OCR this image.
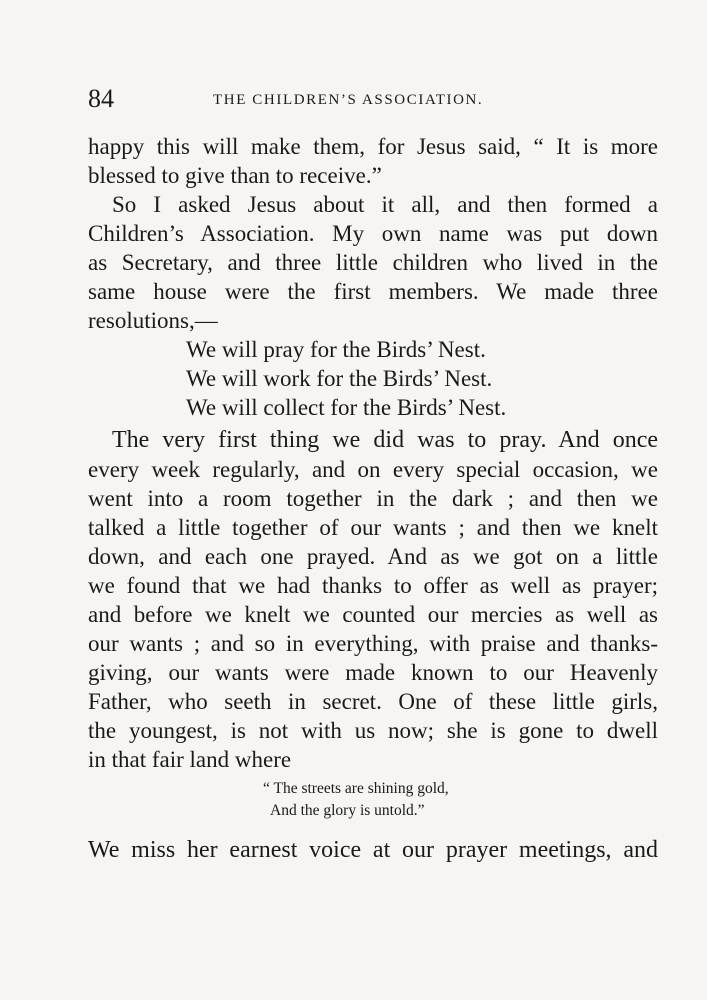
84	THE CHILDREN’S ASSOCIATION.
happy this will make them, for Jesus said, “ It is more
blessed to give than to receive.”
So I asked Jesus about it all, and then formed a
Children’s Association. My own name was put down
as Secretary, and three little children who lived in the
same house were the first members. We made three
resolutions,—
We will pray for the Birds’ Nest.
We will work for the Birds’ Nest.
We will collect for the Birds’ Nest.
The very first thing we did was to pray. And once
every week regularly, and on every special occasion, we
went into a room together in the dark ; and then we
talked a little together of our wants ; and then we knelt
down, and each one prayed. And as we got on a little
we found that we had thanks to offer as well as prayer;
and before we knelt we counted our mercies as well as
our wants ; and so in everything, with praise and thanks-
giving, our wants were made known to our Heavenly
Father, who seeth in secret. One of these little girls,
the youngest, is not with us now; she is gone to dwell
in that fair land where
“ The streets are shining gold,
And the glory is untold.”
We miss her earnest voice at our prayer meetings, and
